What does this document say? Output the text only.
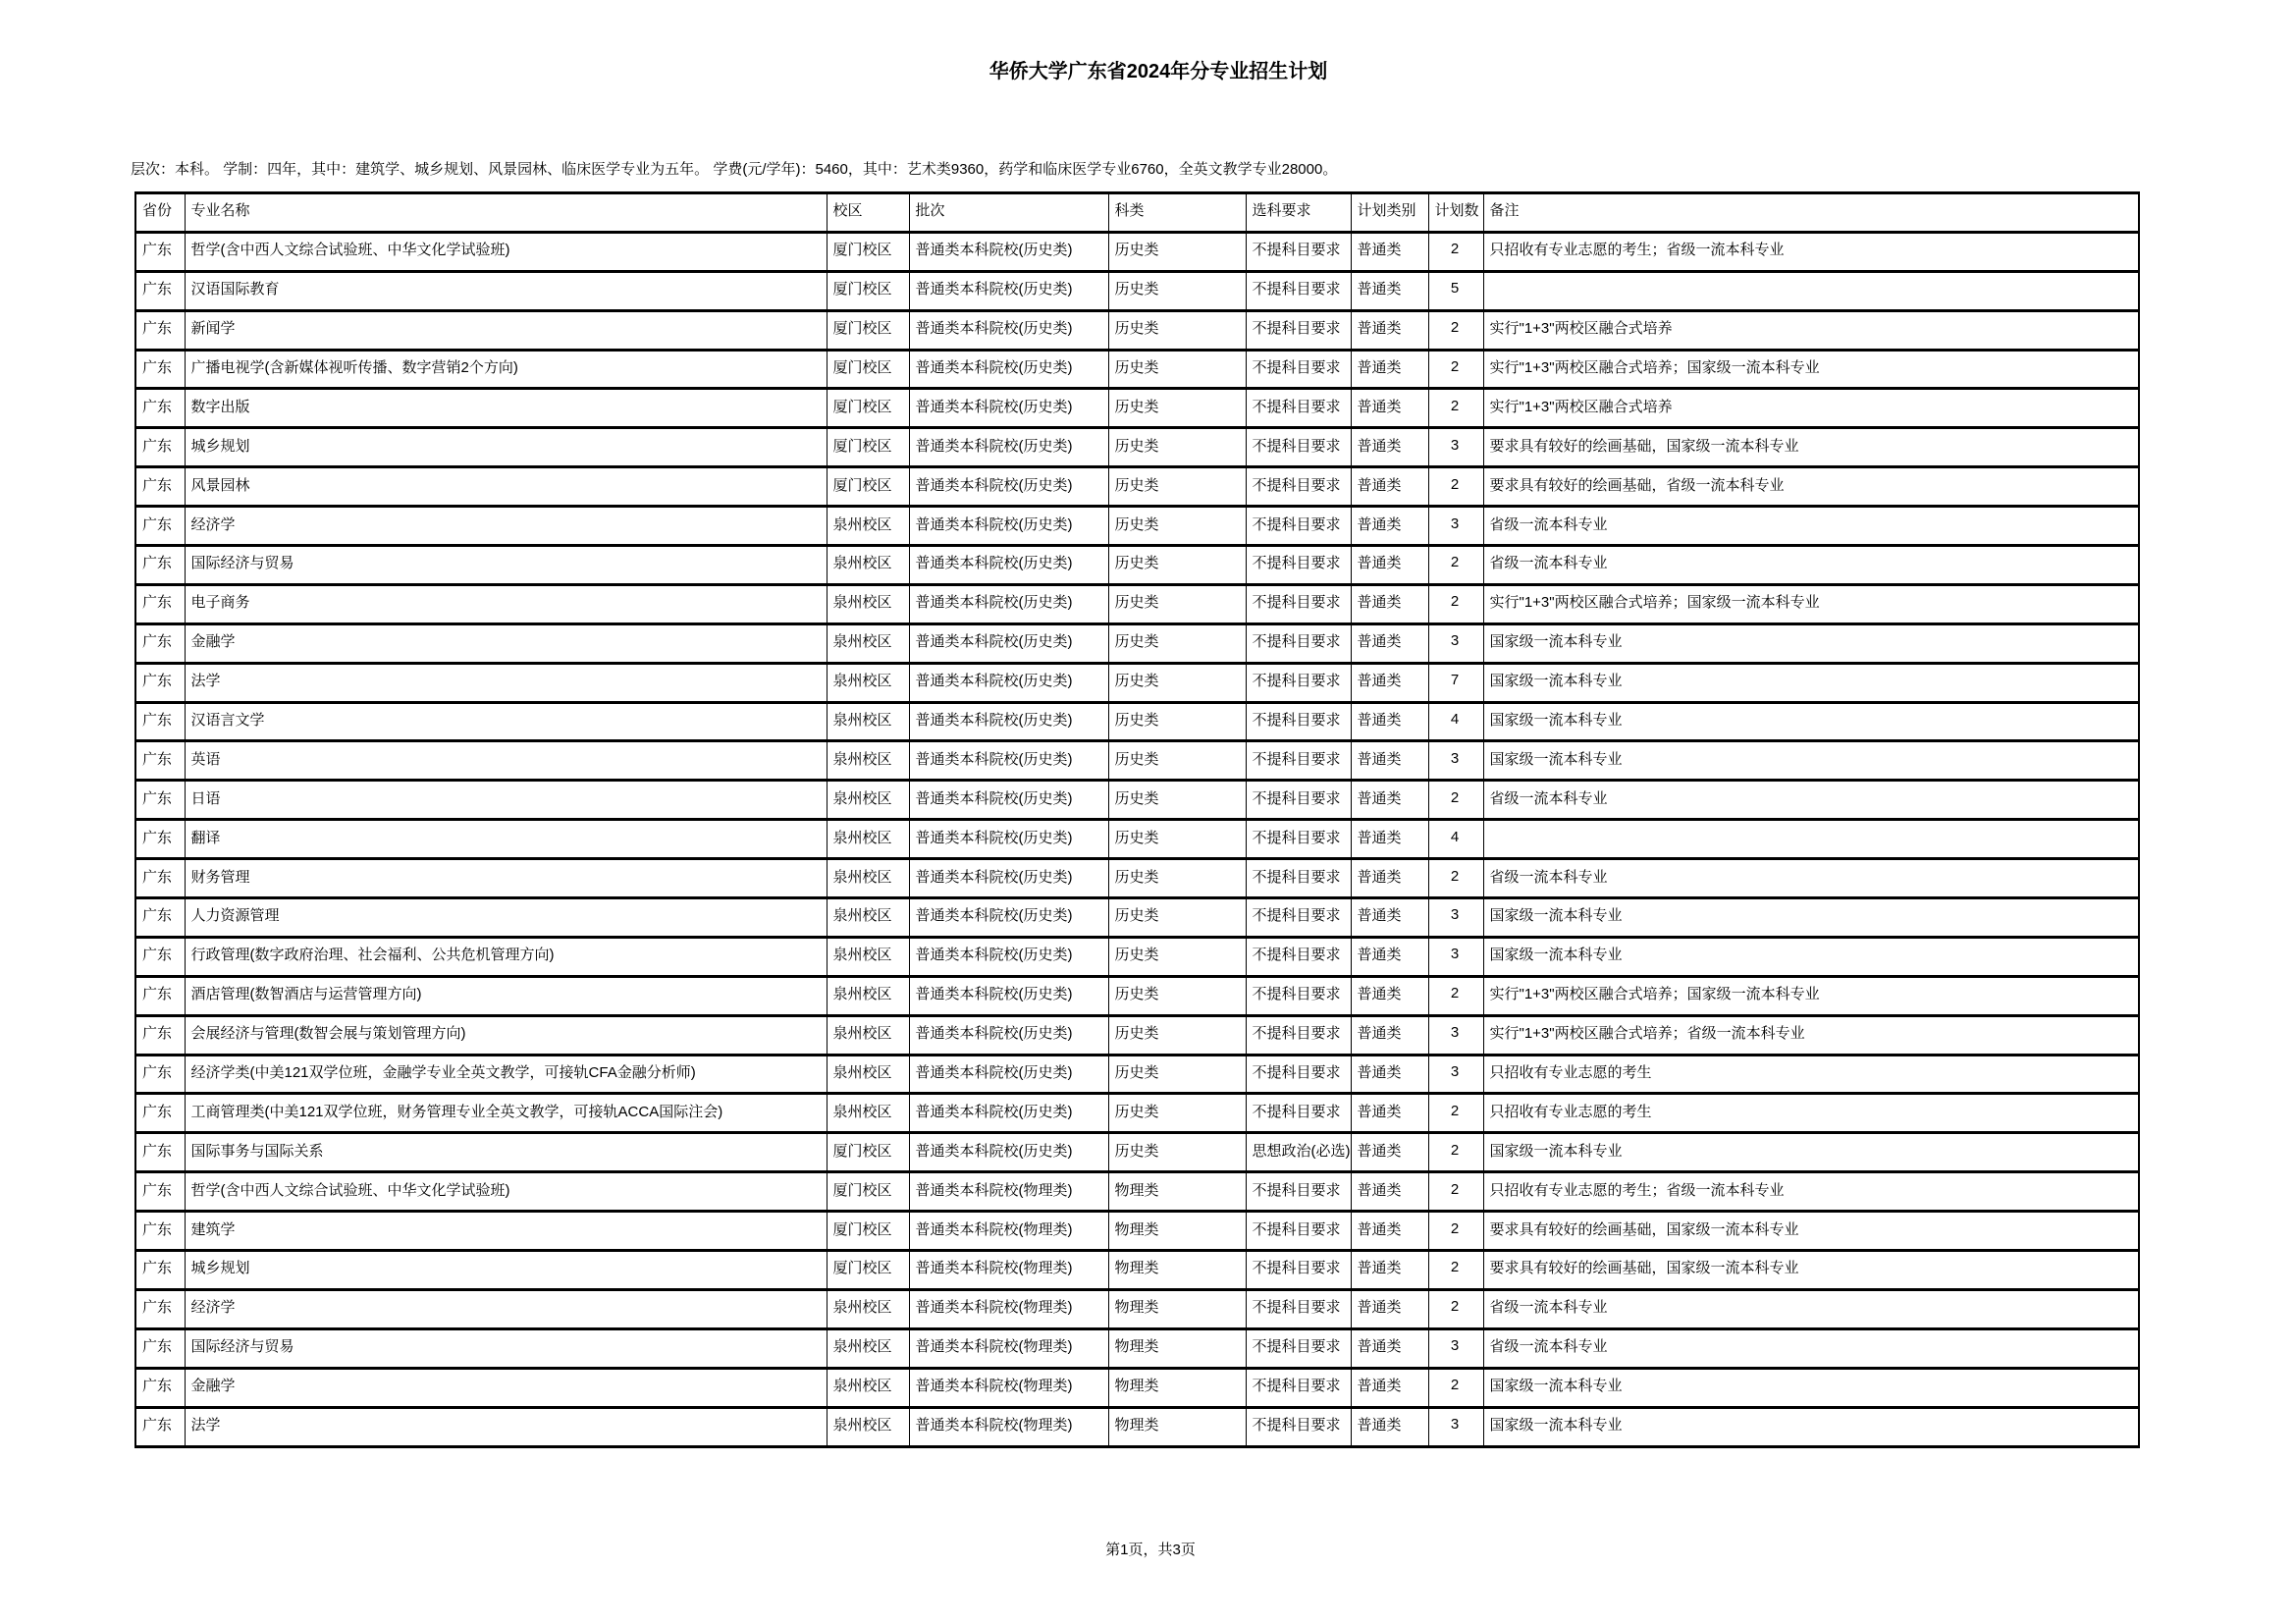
华侨大学广东省2024年分专业招生计划
层次：本科。 学制：四年，其中：建筑学、城乡规划、风景园林、临床医学专业为五年。 学费(元/学年)：5460，其中：艺术类9360，药学和临床医学专业6760，全英文教学专业28000。
省份	专业名称	校区	批次	科类	选科要求	计划类别	计划数	备注
广东	哲学(含中西人文综合试验班、中华文化学试验班)	厦门校区	普通类本科院校(历史类)	历史类	不提科目要求	普通类	2	只招收有专业志愿的考生；省级一流本科专业
广东	汉语国际教育	厦门校区	普通类本科院校(历史类)	历史类	不提科目要求	普通类	5	
广东	新闻学	厦门校区	普通类本科院校(历史类)	历史类	不提科目要求	普通类	2	实行"1+3"两校区融合式培养
广东	广播电视学(含新媒体视听传播、数字营销2个方向)	厦门校区	普通类本科院校(历史类)	历史类	不提科目要求	普通类	2	实行"1+3"两校区融合式培养；国家级一流本科专业
广东	数字出版	厦门校区	普通类本科院校(历史类)	历史类	不提科目要求	普通类	2	实行"1+3"两校区融合式培养
广东	城乡规划	厦门校区	普通类本科院校(历史类)	历史类	不提科目要求	普通类	3	要求具有较好的绘画基础，国家级一流本科专业
广东	风景园林	厦门校区	普通类本科院校(历史类)	历史类	不提科目要求	普通类	2	要求具有较好的绘画基础，省级一流本科专业
广东	经济学	泉州校区	普通类本科院校(历史类)	历史类	不提科目要求	普通类	3	省级一流本科专业
广东	国际经济与贸易	泉州校区	普通类本科院校(历史类)	历史类	不提科目要求	普通类	2	省级一流本科专业
广东	电子商务	泉州校区	普通类本科院校(历史类)	历史类	不提科目要求	普通类	2	实行"1+3"两校区融合式培养；国家级一流本科专业
广东	金融学	泉州校区	普通类本科院校(历史类)	历史类	不提科目要求	普通类	3	国家级一流本科专业
广东	法学	泉州校区	普通类本科院校(历史类)	历史类	不提科目要求	普通类	7	国家级一流本科专业
广东	汉语言文学	泉州校区	普通类本科院校(历史类)	历史类	不提科目要求	普通类	4	国家级一流本科专业
广东	英语	泉州校区	普通类本科院校(历史类)	历史类	不提科目要求	普通类	3	国家级一流本科专业
广东	日语	泉州校区	普通类本科院校(历史类)	历史类	不提科目要求	普通类	2	省级一流本科专业
广东	翻译	泉州校区	普通类本科院校(历史类)	历史类	不提科目要求	普通类	4	
广东	财务管理	泉州校区	普通类本科院校(历史类)	历史类	不提科目要求	普通类	2	省级一流本科专业
广东	人力资源管理	泉州校区	普通类本科院校(历史类)	历史类	不提科目要求	普通类	3	国家级一流本科专业
广东	行政管理(数字政府治理、社会福利、公共危机管理方向)	泉州校区	普通类本科院校(历史类)	历史类	不提科目要求	普通类	3	国家级一流本科专业
广东	酒店管理(数智酒店与运营管理方向)	泉州校区	普通类本科院校(历史类)	历史类	不提科目要求	普通类	2	实行"1+3"两校区融合式培养；国家级一流本科专业
广东	会展经济与管理(数智会展与策划管理方向)	泉州校区	普通类本科院校(历史类)	历史类	不提科目要求	普通类	3	实行"1+3"两校区融合式培养；省级一流本科专业
广东	经济学类(中美121双学位班，金融学专业全英文教学，可接轨CFA金融分析师)	泉州校区	普通类本科院校(历史类)	历史类	不提科目要求	普通类	3	只招收有专业志愿的考生
广东	工商管理类(中美121双学位班，财务管理专业全英文教学，可接轨ACCA国际注会)	泉州校区	普通类本科院校(历史类)	历史类	不提科目要求	普通类	2	只招收有专业志愿的考生
广东	国际事务与国际关系	厦门校区	普通类本科院校(历史类)	历史类	思想政治(必选)	普通类	2	国家级一流本科专业
广东	哲学(含中西人文综合试验班、中华文化学试验班)	厦门校区	普通类本科院校(物理类)	物理类	不提科目要求	普通类	2	只招收有专业志愿的考生；省级一流本科专业
广东	建筑学	厦门校区	普通类本科院校(物理类)	物理类	不提科目要求	普通类	2	要求具有较好的绘画基础，国家级一流本科专业
广东	城乡规划	厦门校区	普通类本科院校(物理类)	物理类	不提科目要求	普通类	2	要求具有较好的绘画基础，国家级一流本科专业
广东	经济学	泉州校区	普通类本科院校(物理类)	物理类	不提科目要求	普通类	2	省级一流本科专业
广东	国际经济与贸易	泉州校区	普通类本科院校(物理类)	物理类	不提科目要求	普通类	3	省级一流本科专业
广东	金融学	泉州校区	普通类本科院校(物理类)	物理类	不提科目要求	普通类	2	国家级一流本科专业
广东	法学	泉州校区	普通类本科院校(物理类)	物理类	不提科目要求	普通类	3	国家级一流本科专业
第1页，共3页
